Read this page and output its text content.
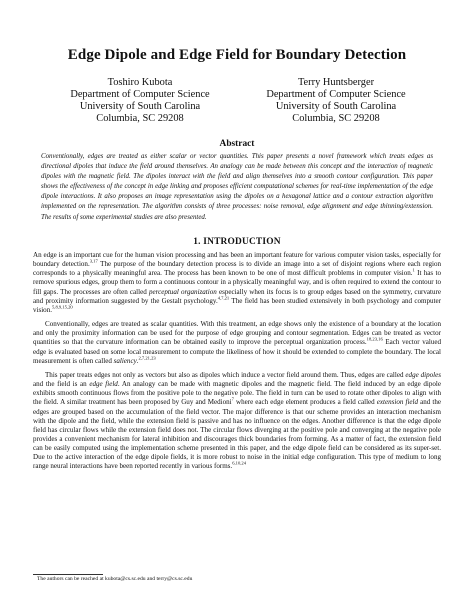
Edge Dipole and Edge Field for Boundary Detection
Toshiro Kubota
Department of Computer Science
University of South Carolina
Columbia, SC 29208
Terry Huntsberger
Department of Computer Science
University of South Carolina
Columbia, SC 29208
Abstract
Conventionally, edges are treated as either scalar or vector quantities. This paper presents a novel framework which treats edges as directional dipoles that induce the field around themselves. An analogy can be made between this concept and the interaction of magnetic dipoles with the magnetic field. The dipoles interact with the field and align themselves into a smooth contour configuration. This paper shows the effectiveness of the concept in edge linking and proposes efficient computational schemes for real-time implementation of the edge dipole interactions. It also proposes an image representation using the dipoles on a hexagonal lattice and a contour extraction algorithm implemented on the representation. The algorithm consists of three processes: noise removal, edge alignment and edge thinning/extension. The results of some experimental studies are also presented.
1. INTRODUCTION

An edge is an important cue for the human vision processing and has been an important feature for various computer vision tasks, especially for boundary detection.$^{3,17}$ The purpose of the boundary detection process is to divide an image into a set of disjoint regions where each region corresponds to a physically meaningful area. The process has been known to be one of most difficult problems in computer vision.$^1$ It has to remove spurious edges, group them to form a continuous contour in a physically meaningful way, and is often required to extend the contour to fill gaps. The processes are often called perceptual organization especially when its focus is to group edges based on the symmetry, curvature and proximity information suggested by the Gestalt psychology.$^{4,7,21}$ The field has been studied extensively in both psychology and computer vision.$^{5,8,9,15,20}$

Conventionally, edges are treated as scalar quantities. With this treatment, an edge shows only the existence of a boundary at the location and only the proximity information can be used for the purpose of edge grouping and contour segmentation. Edges can be treated as vector quantities so that the curvature information can be obtained easily to improve the perceptual organization process.$^{18,23,16}$ Each vector valued edge is evaluated based on some local measurement to compute the likeliness of how it should be extended to complete the boundary. The local measurement is often called saliency.$^{2,7,21,23}$

This paper treats edges not only as vectors but also as dipoles which induce a vector field around them. Thus, edges are called edge dipoles and the field is an edge field. An analogy can be made with magnetic dipoles and the magnetic field. The field induced by an edge dipole exhibits smooth continuous flows from the positive pole to the negative pole. The field in turn can be used to rotate other dipoles to align with the field. A similar treatment has been proposed by Guy and Medioni$^7$ where each edge element produces a field called extension field and the edges are grouped based on the accumulation of the field vector. The major difference is that our scheme provides an interaction mechanism with the dipole and the field, while the extension field is passive and has no influence on the edges. Another difference is that the edge dipole field has circular flows while the extension field does not. The circular flows diverging at the positive pole and converging at the negative pole provides a convenient mechanism for lateral inhibition and discourages thick boundaries from forming. As a matter of fact, the extension field can be easily computed using the implementation scheme presented in this paper, and the edge dipole field can be considered as its super-set. Due to the active interaction of the edge dipole fields, it is more robust to noise in the initial edge configuration. This type of medium to long range neural interactions have been reported recently in various forms.$^{6,10,24}$

The authors can be reached at kubota@cs.sc.edu and terry@cs.sc.edu
